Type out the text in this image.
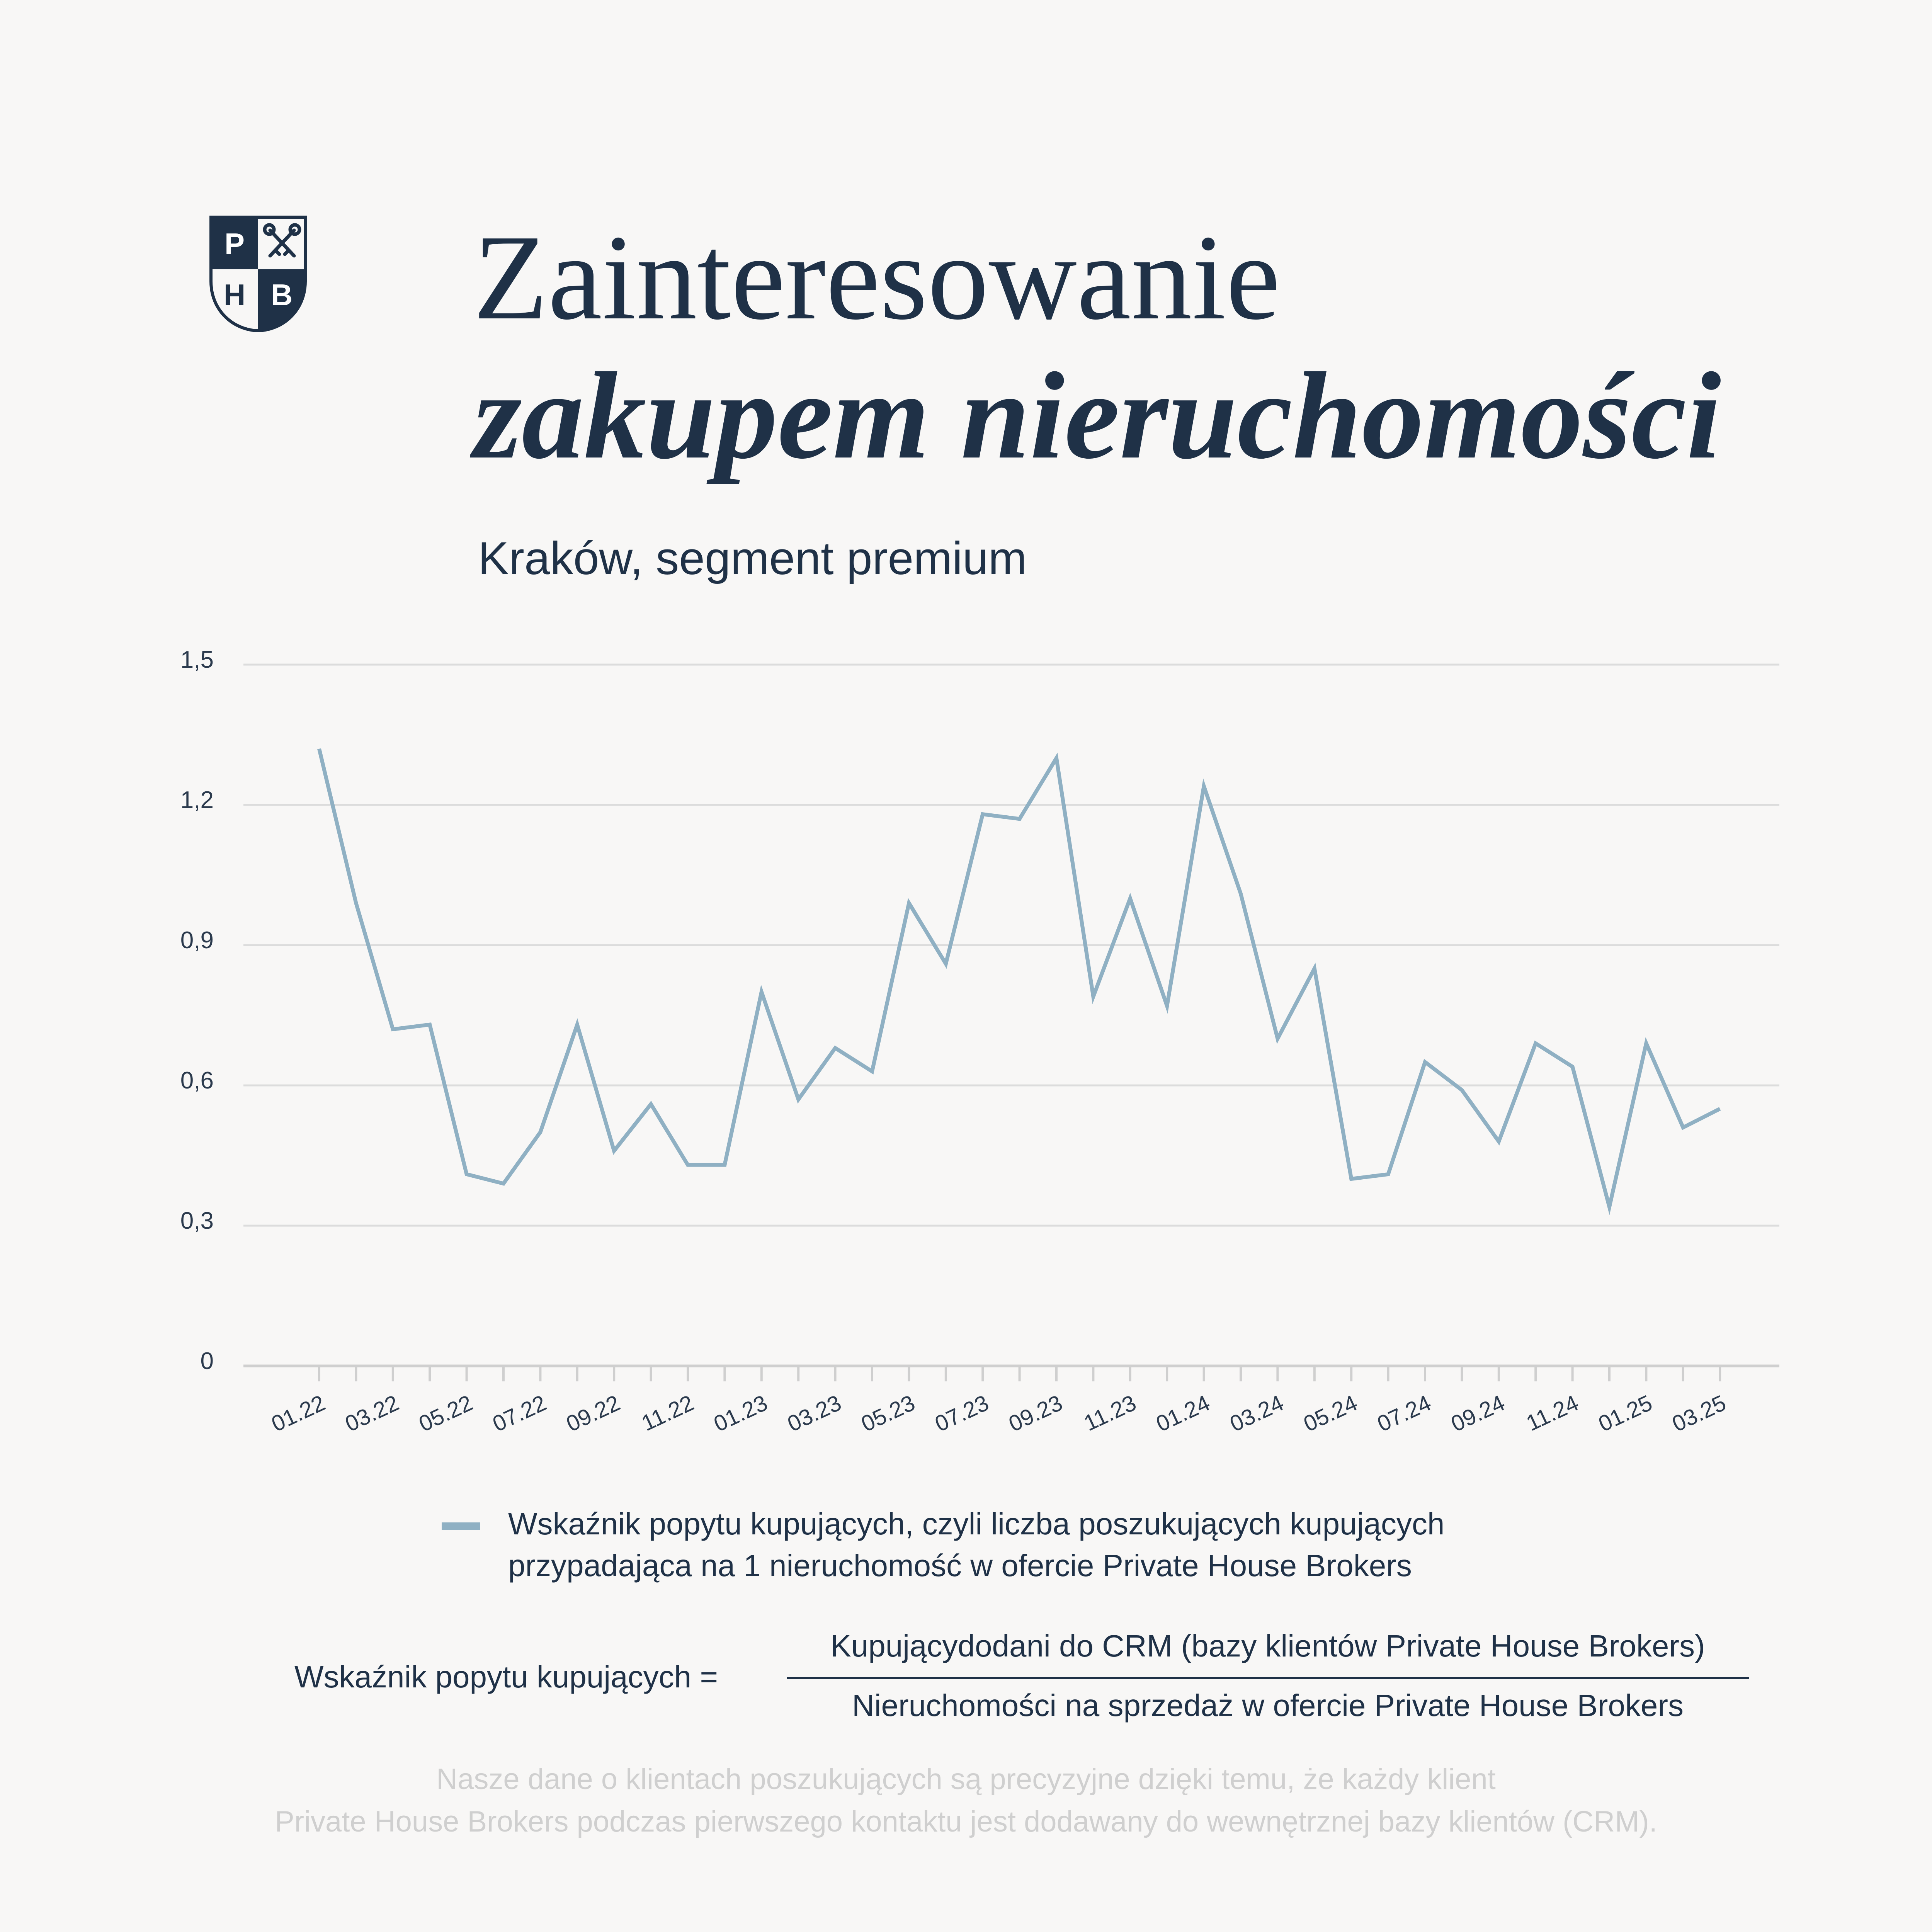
P
H B Zainteresowanie
zakupem nieruchomości
Kraków, segment premium
0
0,3
0,6
0,9
1,2
1,5
01.22 03.22 05.22 07.22 09.22 11.22 01.23 03.23 05.23 07.23 09.23 11.23 01.24 03.24 05.24 07.24 09.24 11.24 01.25 03.25
Wskaźnik popytu kupujących, czyli liczba poszukujących kupujących
przypadająca na 1 nieruchomość w ofercie Private House Brokers
Wskaźnik popytu kupujących =
Kupującydodani do CRM (bazy klientów Private House Brokers)
Nieruchomości na sprzedaż w ofercie Private House Brokers
Nasze dane o klientach poszukujących są precyzyjne dzięki temu, że każdy klient
Private House Brokers podczas pierwszego kontaktu jest dodawany do wewnętrznej bazy klientów (CRM).
